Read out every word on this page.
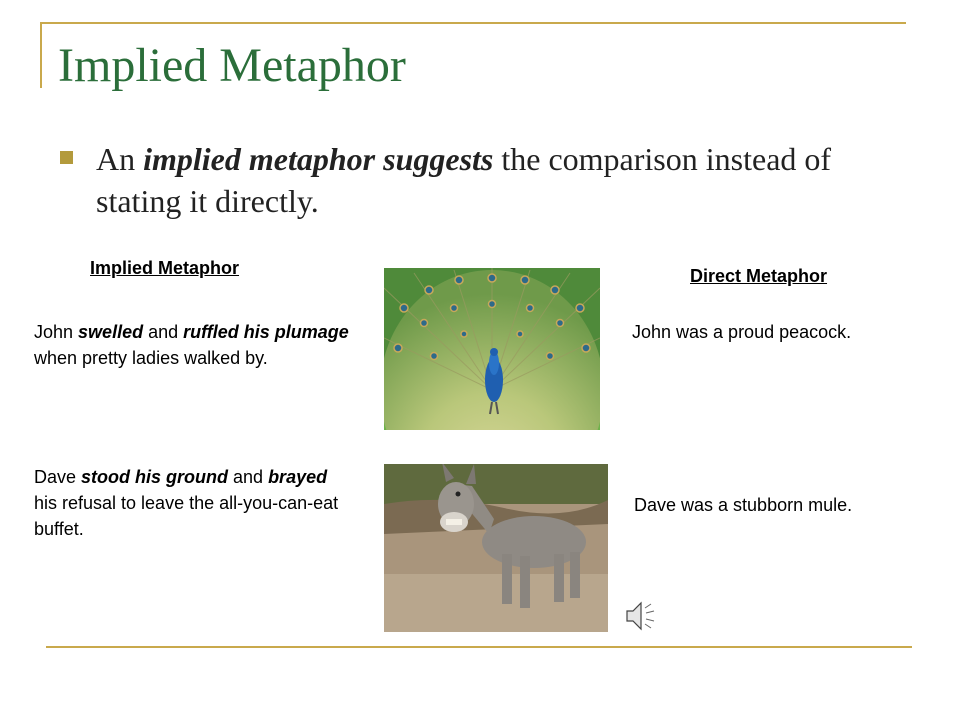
Implied Metaphor

An implied metaphor suggests the comparison instead of stating it directly.

Implied Metaphor	Direct Metaphor

John swelled and ruffled his plumage when pretty ladies walked by.

Dave stood his ground and brayed his refusal to leave the all-you-can-eat buffet.

John was a proud peacock.
Dave was a stubborn mule.
